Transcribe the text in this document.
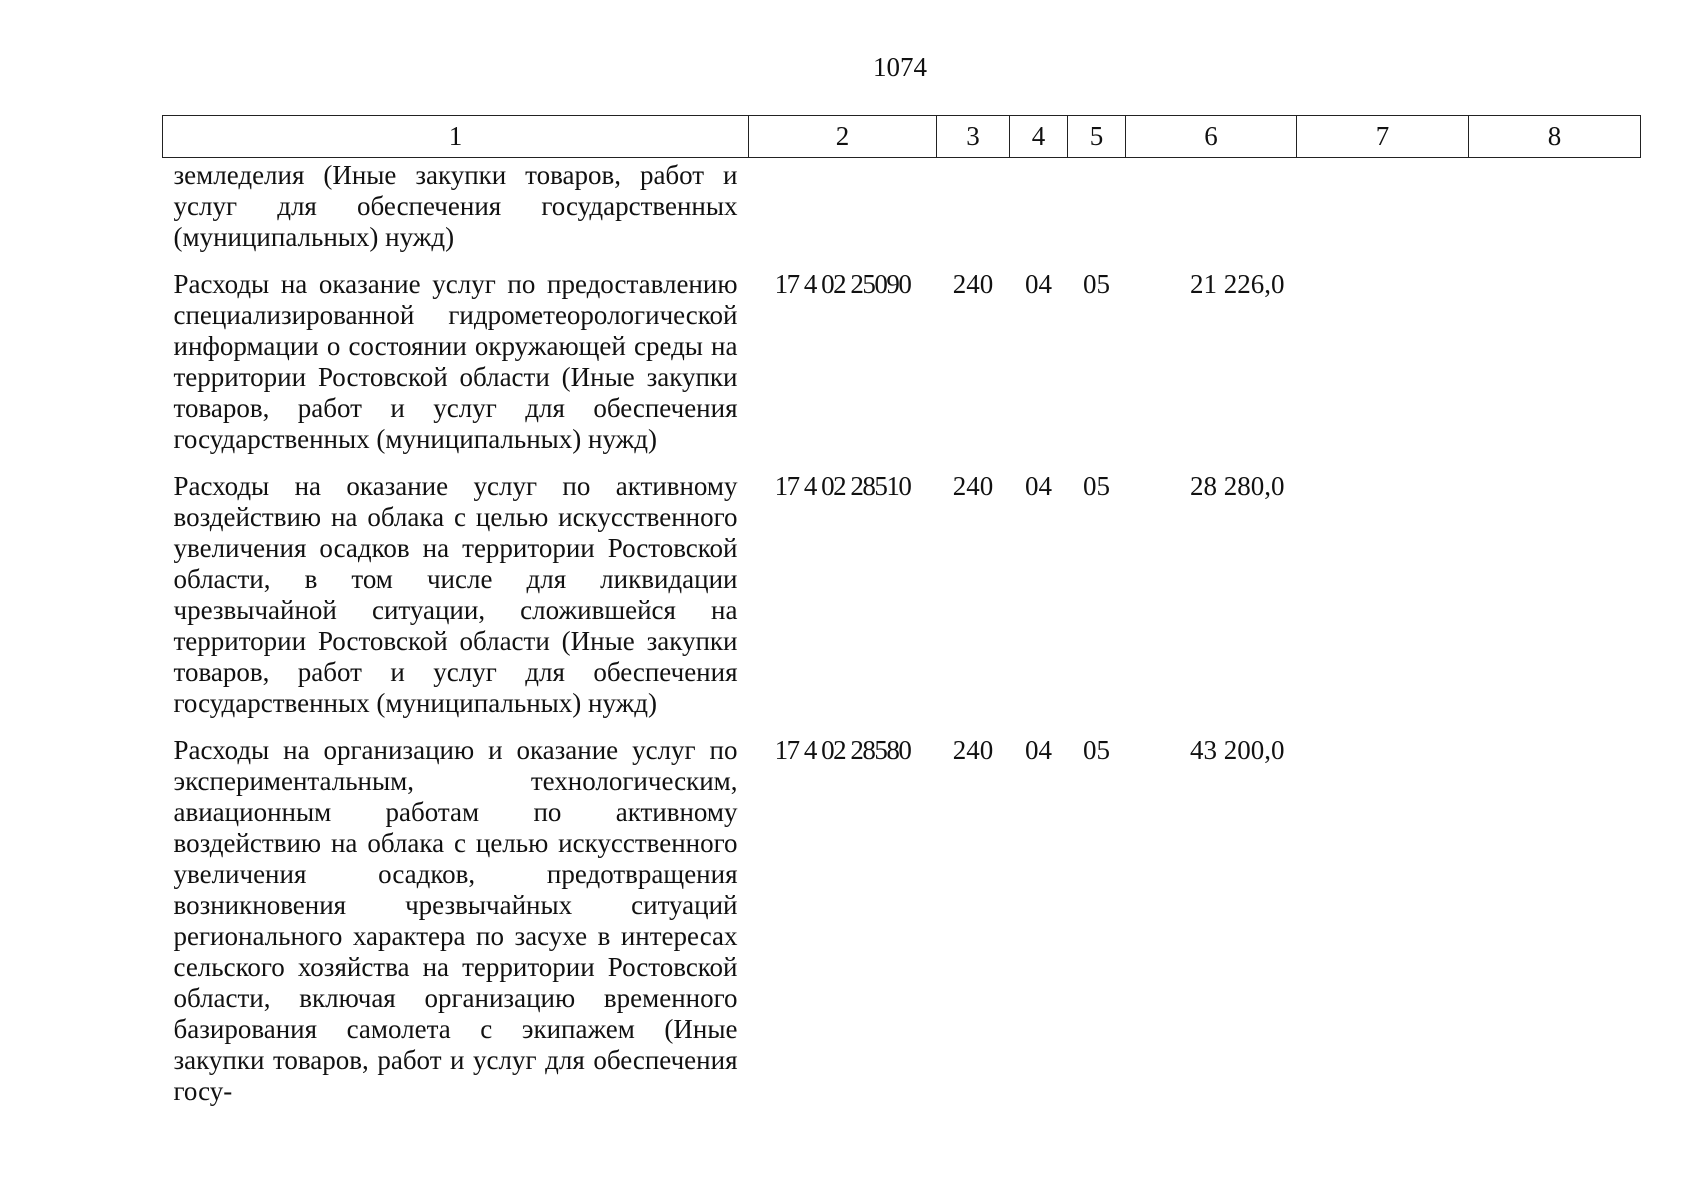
1074
1	2	3	4	5	6	7	8
земледелия (Иные закупки товаров, работ и услуг для обеспечения государственных (муниципальных) нужд)							
Расходы на оказание услуг по предоставлению специализированной гидрометеорологической информации о состоянии окружающей среды на территории Ростовской области (Иные закупки товаров, работ и услуг для обеспечения государственных (муниципальных) нужд)	17 4 02 25090	240	04	05	21 226,0		
Расходы на оказание услуг по активному воздействию на облака с целью искусственного увеличения осадков на территории Ростовской области, в том числе для ликвидации чрезвычайной ситуации, сложившейся на территории Ростовской области (Иные закупки товаров, работ и услуг для обеспечения государственных (муниципальных) нужд)	17 4 02 28510	240	04	05	28 280,0		
Расходы на организацию и оказание услуг по экспериментальным, технологическим, авиационным работам по активному воздействию на облака с целью искусственного увеличения осадков, предотвращения возникновения чрезвычайных ситуаций регионального характера по засухе в интересах сельского хозяйства на территории Ростовской области, включая организацию временного базирования самолета с экипажем (Иные закупки товаров, работ и услуг для обеспечения госу-	17 4 02 28580	240	04	05	43 200,0		
